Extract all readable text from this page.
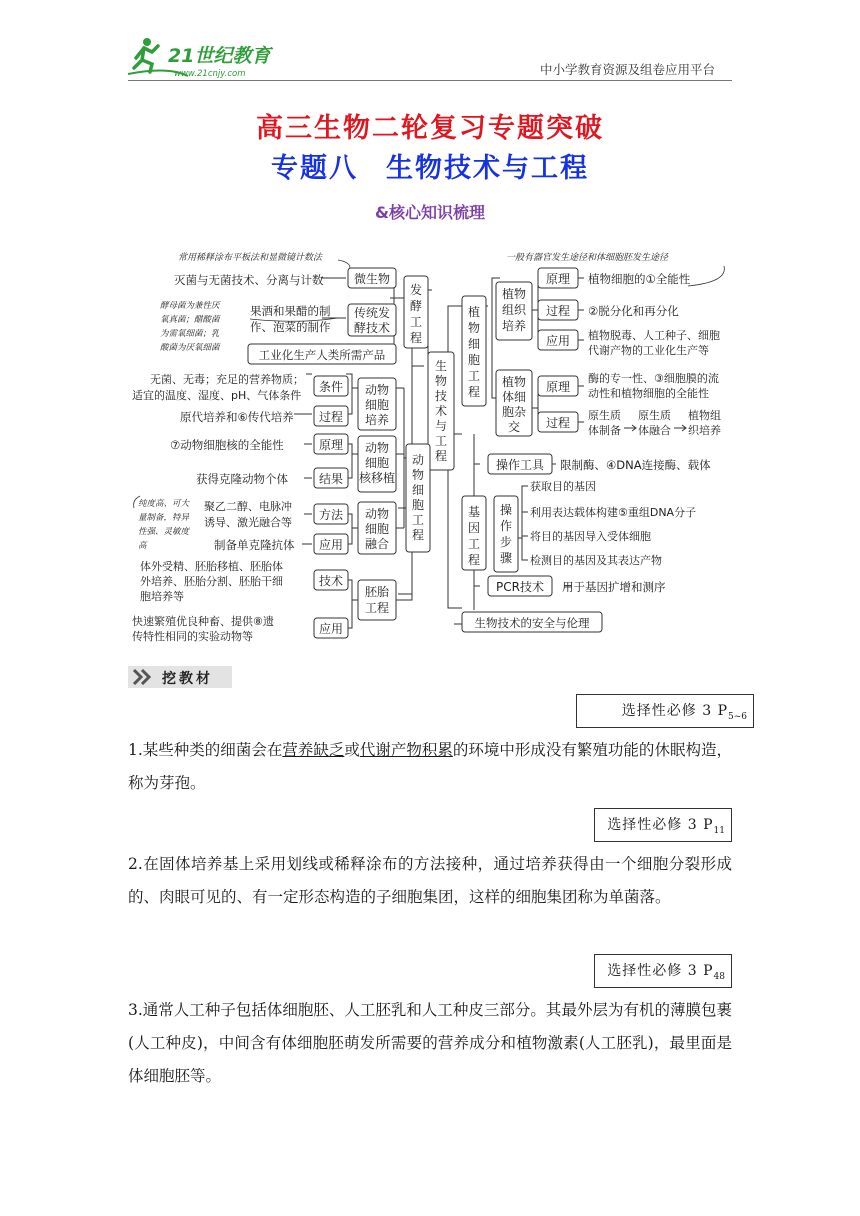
21世纪教育
www.21cnjy.com	中小学教育资源及组卷应用平台
高三生物二轮复习专题突破
专题八 生物技术与工程
&核心知识梳理
生物技术与工程
发酵工程
微生物
灭菌与无菌技术、分离与计数
常用稀释涂布平板法和显微镜计数法
传统发酵技术
果酒和果醋的制作、泡菜的制作
酵母菌为兼性厌氧真菌；醋酸菌为需氧细菌；乳酸菌为厌氧细菌	工业化生产人类所需产品
动物细胞培养
条件
无菌、无毒；充足的营养物质；适宜的温度、湿度、pH、气体条件
过程
原代培养和⑥传代培养
动物细胞核移植
原理
⑦动物细胞核的全能性
结果
获得克隆动物个体
动物细胞工程
动物细胞融合
方法
聚乙二醇、电脉冲诱导、激光融合等
应用
制备单克隆抗体
纯度高、可大量制备，特异性强、灵敏度高
胚胎工程
技术
体外受精、胚胎移植、胚胎体外培养、胚胎分割、胚胎干细胞培养等
应用
快速繁殖优良种畜、提供⑧遗传特性相同的实验动物等
植物细胞工程
植物组织培养
原理 植物细胞的①全能性
一般有器官发生途径和体细胞胚发生途径
过程 ②脱分化和再分化
应用 植物脱毒、人工种子、细胞代谢产物的工业化生产等
植物体细胞杂交
原理
酶的专一性、③细胞膜的流动性和植物细胞的全能性
过程
原生质体制备
原生质体融合
植物组织培养
基因工程
操作工具 限制酶、④DNA连接酶、载体
操作步骤
获取目的基因
利用表达载体构建⑤重组DNA分子
将目的基因导入受体细胞
检测目的基因及其表达产物
PCR技术 用于基因扩增和测序
生物技术的安全与伦理
挖教材
选择性必修 3 $P_{5\sim 6}$
1.某些种类的细菌会在营养缺乏或代谢产物积累的环境中形成没有繁殖功能的休眠构造，称为芽孢。
选择性必修 3 $P_{11}$
2.在固体培养基上采用划线或稀释涂布的方法接种，通过培养获得由一个细胞分裂形成的、肉眼可见的、有一定形态构造的子细胞集团，这样的细胞集团称为单菌落。
选择性必修 3 $P_{48}$
3.通常人工种子包括体细胞胚、人工胚乳和人工种皮三部分。其最外层为有机的薄膜包裹(人工种皮)，中间含有体细胞胚萌发所需要的营养成分和植物激素(人工胚乳)，最里面是体细胞胚等。
